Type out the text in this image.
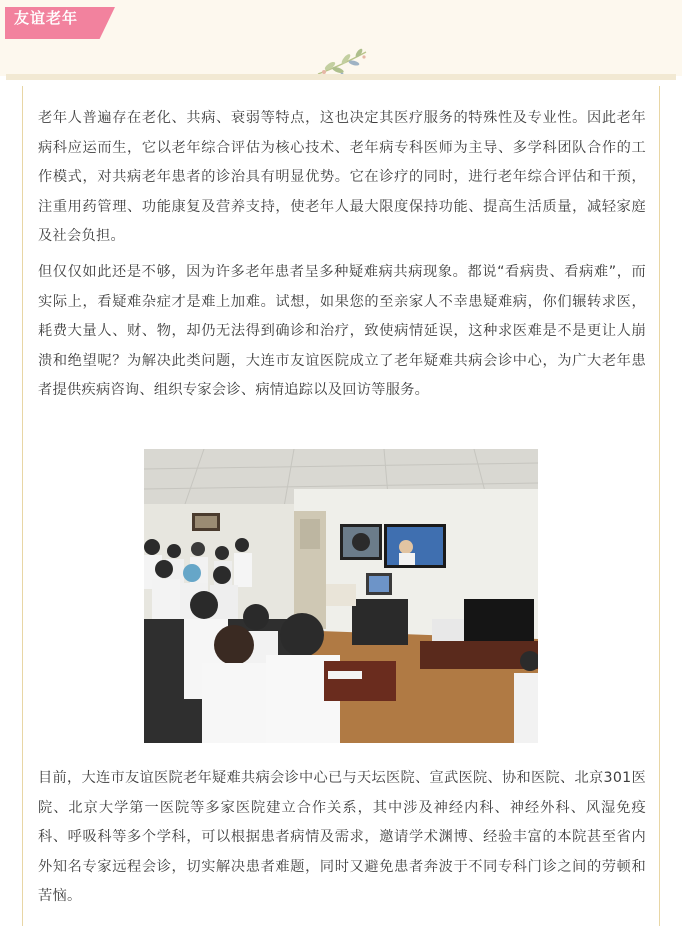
友谊老年

老年人普遍存在老化、共病、衰弱等特点，这也决定其医疗服务的特殊性及专业性。因此老年病科应运而生，它以老年综合评估为核心技术、老年病专科医师为主导、多学科团队合作的工作模式，对共病老年患者的诊治具有明显优势。它在诊疗的同时，进行老年综合评估和干预，注重用药管理、功能康复及营养支持，使老年人最大限度保持功能、提高生活质量，减轻家庭及社会负担。

但仅仅如此还是不够，因为许多老年患者呈多种疑难病共病现象。都说“看病贵、看病难”，而实际上，看疑难杂症才是难上加难。试想，如果您的至亲家人不幸患疑难病，你们辗转求医，耗费大量人、财、物，却仍无法得到确诊和治疗，致使病情延误，这种求医难是不是更让人崩溃和绝望呢？为解决此类问题，大连市友谊医院成立了老年疑难共病会诊中心，为广大老年患者提供疾病咨询、组织专家会诊、病情追踪以及回访等服务。

目前，大连市友谊医院老年疑难共病会诊中心已与天坛医院、宣武医院、协和医院、北京301医院、北京大学第一医院等多家医院建立合作关系，其中涉及神经内科、神经外科、风湿免疫科、呼吸科等多个学科，可以根据患者病情及需求，邀请学术渊博、经验丰富的本院甚至省内外知名专家远程会诊，切实解决患者难题，同时又避免患者奔波于不同专科门诊之间的劳顿和苦恼。
